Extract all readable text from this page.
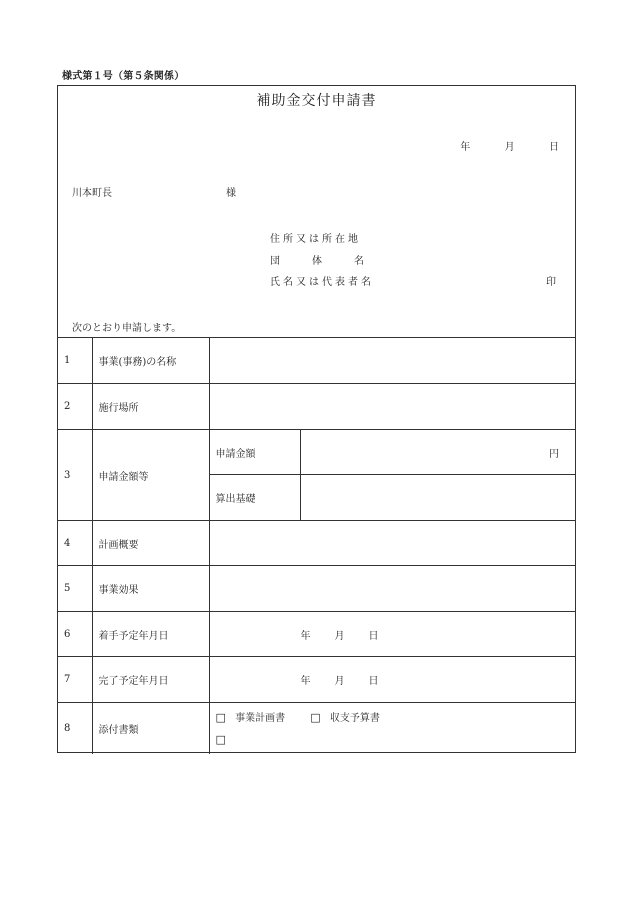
様式第１号（第５条関係）
補助金交付申請書
年	月	日
川本町長	様
住所又は所在地
団	体	名
氏名又は代表者名	印
次のとおり申請します。
1	事業(事務)の名称		
2	施行場所		
3	申請金額等	申請金額	円
		算出基礎	
4	計画概要		
5	事業効果		
6	着手予定年月日	年 月 日	
7	完了予定年月日	年 月 日	
8	添付書類	□ 事業計画書 □ 収支予算書
□	
